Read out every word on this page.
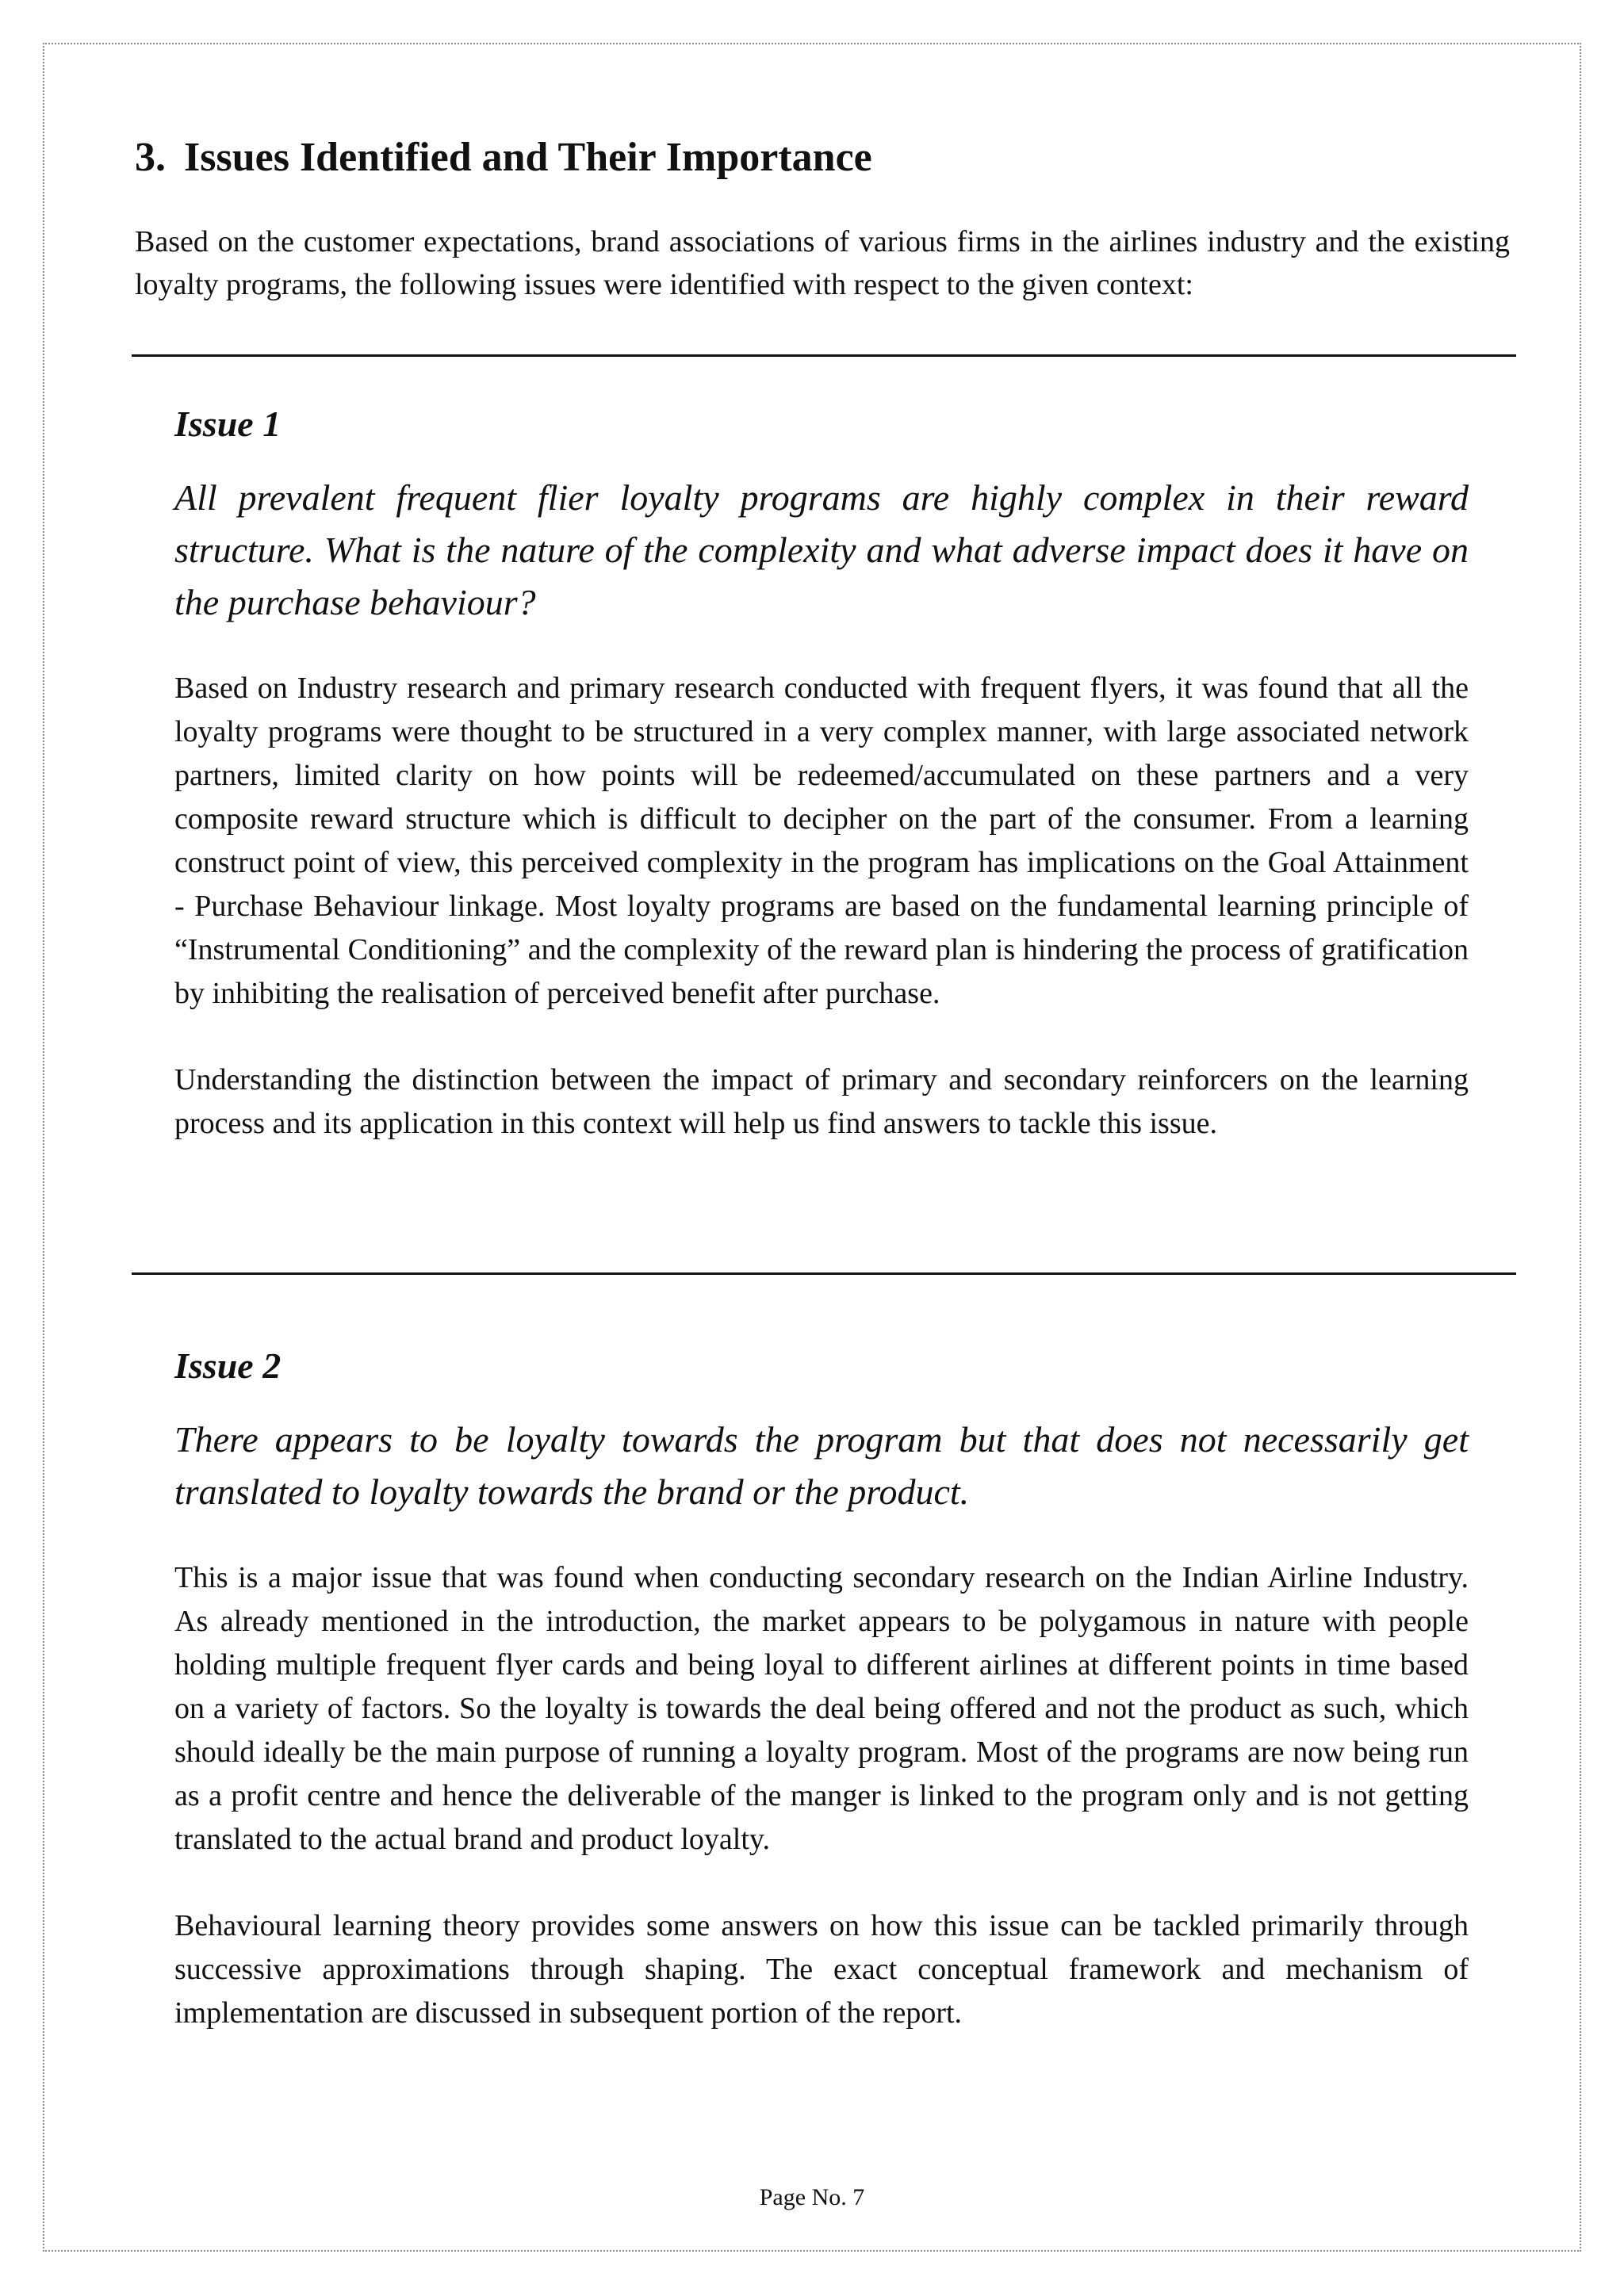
3. Issues Identified and Their Importance

Based on the customer expectations, brand associations of various firms in the airlines industry and the existing loyalty programs, the following issues were identified with respect to the given context:

Issue 1

All prevalent frequent flier loyalty programs are highly complex in their reward structure. What is the nature of the complexity and what adverse impact does it have on the purchase behaviour?

Based on Industry research and primary research conducted with frequent flyers, it was found that all the loyalty programs were thought to be structured in a very complex manner, with large associated network partners, limited clarity on how points will be redeemed/accumulated on these partners and a very composite reward structure which is difficult to decipher on the part of the consumer. From a learning construct point of view, this perceived complexity in the program has implications on the Goal Attainment - Purchase Behaviour linkage. Most loyalty programs are based on the fundamental learning principle of “Instrumental Conditioning” and the complexity of the reward plan is hindering the process of gratification by inhibiting the realisation of perceived benefit after purchase.

Understanding the distinction between the impact of primary and secondary reinforcers on the learning process and its application in this context will help us find answers to tackle this issue.

Issue 2

There appears to be loyalty towards the program but that does not necessarily get translated to loyalty towards the brand or the product.

This is a major issue that was found when conducting secondary research on the Indian Airline Industry. As already mentioned in the introduction, the market appears to be polygamous in nature with people holding multiple frequent flyer cards and being loyal to different airlines at different points in time based on a variety of factors. So the loyalty is towards the deal being offered and not the product as such, which should ideally be the main purpose of running a loyalty program. Most of the programs are now being run as a profit centre and hence the deliverable of the manger is linked to the program only and is not getting translated to the actual brand and product loyalty.

Behavioural learning theory provides some answers on how this issue can be tackled primarily through successive approximations through shaping. The exact conceptual framework and mechanism of implementation are discussed in subsequent portion of the report.

Page No. 7
